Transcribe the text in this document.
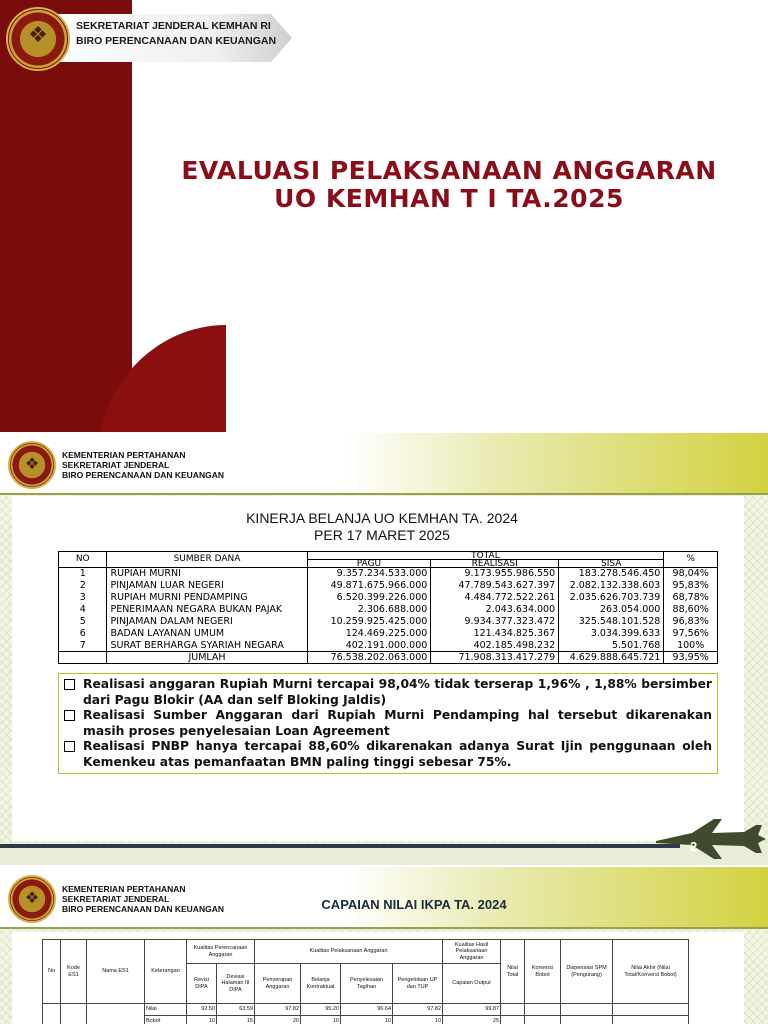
❖	SEKRETARIAT JENDERAL KEMHAN RI
BIRO PERENCANAAN DAN KEUANGAN
EVALUASI PELAKSANAAN ANGGARAN
UO KEMHAN T I TA.2025
❖	KEMENTERIAN PERTAHANAN
SEKRETARIAT JENDERAL
BIRO PERENCANAAN DAN KEUANGAN
KINERJA BELANJA UO KEMHAN TA. 2024
PER 17 MARET 2025
NO	SUMBER DANA	TOTAL			%
		PAGU	REALISASI	SISA	
1	RUPIAH MURNI	9.357.234.533.000	9.173.955.986.550	183.278.546.450	98,04%
2	PINJAMAN LUAR NEGERI	49.871.675.966.000	47.789.543.627.397	2.082.132.338.603	95,83%
3	RUPIAH MURNI PENDAMPING	6.520.399.226.000	4.484.772.522.261	2.035.626.703.739	68,78%
4	PENERIMAAN NEGARA BUKAN PAJAK	2.306.688.000	2.043.634.000	263.054.000	88,60%
5	PINJAMAN DALAM NEGERI	10.259.925.425.000	9.934.377.323.472	325.548.101.528	96,83%
6	BADAN LAYANAN UMUM	124.469.225.000	121.434.825.367	3.034.399.633	97,56%
7	SURAT BERHARGA SYARIAH NEGARA	402.191.000.000	402.185.498.232	5.501.768	100%
	JUMLAH	76.538.202.063.000	71.908.313.417.279	4.629.888.645.721	93,95%
Realisasi anggaran Rupiah Murni tercapai 98,04% tidak terserap 1,96% , 1,88% bersimber dari Pagu Blokir (AA dan self Bloking Jaldis)
Realisasi Sumber Anggaran dari Rupiah Murni Pendamping hal tersebut dikarenakan masih proses penyelesaian Loan Agreement
Realisasi PNBP hanya tercapai 88,60% dikarenakan adanya Surat Ijin penggunaan oleh Kemenkeu atas pemanfaatan BMN paling tinggi sebesar 75%.
2
❖	KEMENTERIAN PERTAHANAN
SEKRETARIAT JENDERAL
BIRO PERENCANAAN DAN KEUANGAN	CAPAIAN NILAI IKPA TA. 2024
No	Kode ES1	Nama ES1	Keterangan	Kualitas Perencanaan Anggaran		Kualitas Pelaksanaan Anggaran				Kualitas Hasil Pelaksanaan Anggaran	Nilai Total	Konversi Bobot	Dispensasi SPM (Pengurang)	Nilai Akhir (Nilai Total/Konversi Bobot)
				Revisi DIPA	Deviasi Halaman III DIPA	Penyerapan Anggaran	Belanja Kontraktual	Penyelesaian Tagihan	Pengelolaan UP dan TUP	Capaian Output				
			Nilai	92.50	63.59	97.82	95.20	96.64	97.82	99.87				
			Bobot	10	15	20	10	10	10	25				
